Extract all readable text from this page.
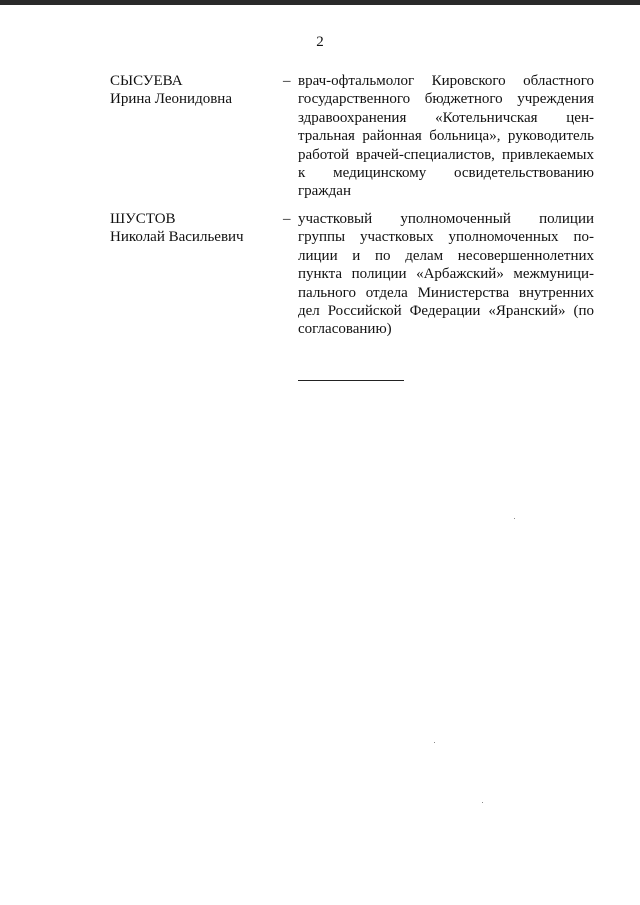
2
СЫСУЕВА
Ирина Леонидовна
– врач-офтальмолог Кировского областного государственного бюджетного учреждения здравоохранения «Котельничская центральная районная больница», руководитель работой врачей-специалистов, привлекаемых к медицинскому освидетельствованию граждан
ШУСТОВ
Николай Васильевич
– участковый уполномоченный полиции группы участковых уполномоченных полиции и по делам несовершеннолетних пункта полиции «Арбажский» межмуниципального отдела Министерства внутренних дел Российской Федерации «Яранский» (по согласованию)
